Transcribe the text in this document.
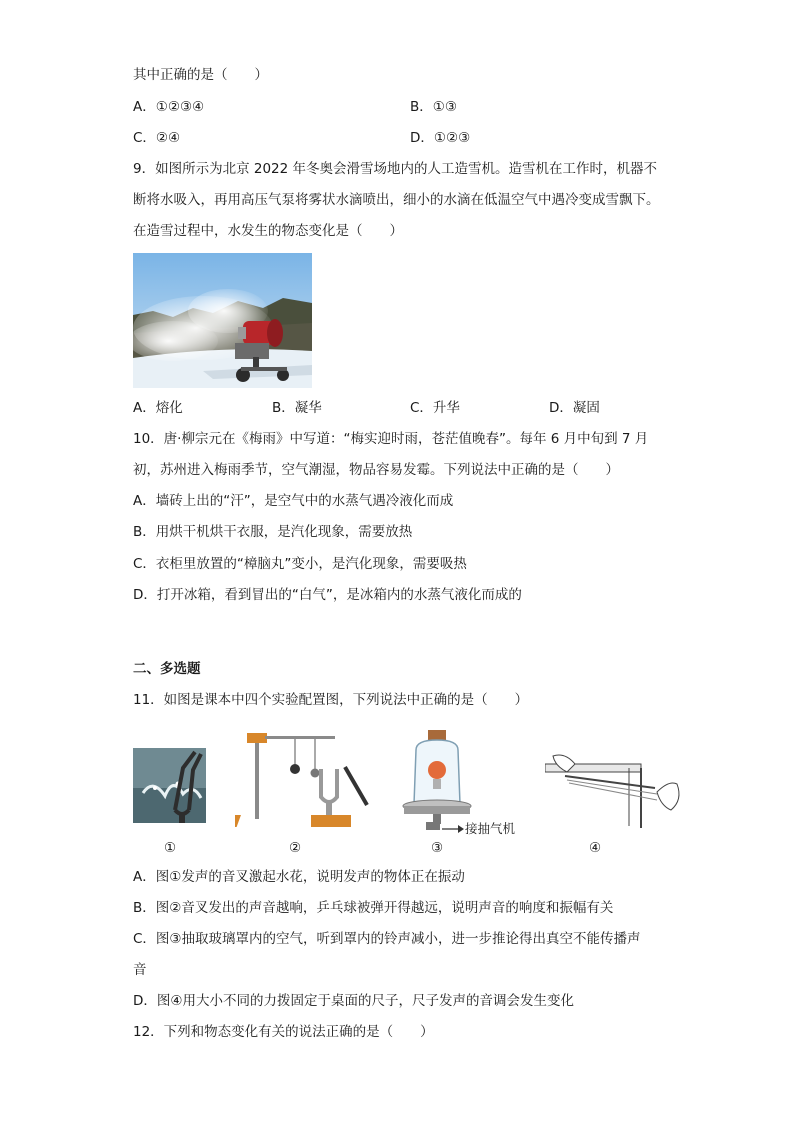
其中正确的是（　　）
A．①②③④	B．①③
C．②④	D．①②③
9．如图所示为北京 2022 年冬奥会滑雪场地内的人工造雪机。造雪机在工作时，机器不
断将水吸入，再用高压气泵将雾状水滴喷出，细小的水滴在低温空气中遇冷变成雪飘下。
在造雪过程中，水发生的物态变化是（　　）
A．熔化	B．凝华	C．升华	D．凝固
10．唐·柳宗元在《梅雨》中写道：“梅实迎时雨，苍茫值晚春”。每年 6 月中旬到 7 月
初，苏州进入梅雨季节，空气潮湿，物品容易发霉。下列说法中正确的是（　　）
A．墙砖上出的“汗”，是空气中的水蒸气遇冷液化而成
B．用烘干机烘干衣服，是汽化现象，需要放热
C．衣柜里放置的“樟脑丸”变小，是汽化现象，需要吸热
D．打开冰箱，看到冒出的“白气”，是冰箱内的水蒸气液化而成的
二、多选题
11．如图是课本中四个实验配置图，下列说法中正确的是（　　）
①	②
接抽气机
③	④
A．图①发声的音叉激起水花，说明发声的物体正在振动
B．图②音叉发出的声音越响，乒乓球被弹开得越远，说明声音的响度和振幅有关
C．图③抽取玻璃罩内的空气，听到罩内的铃声减小，进一步推论得出真空不能传播声
音
D．图④用大小不同的力拨固定于桌面的尺子，尺子发声的音调会发生变化
12．下列和物态变化有关的说法正确的是（　　）
